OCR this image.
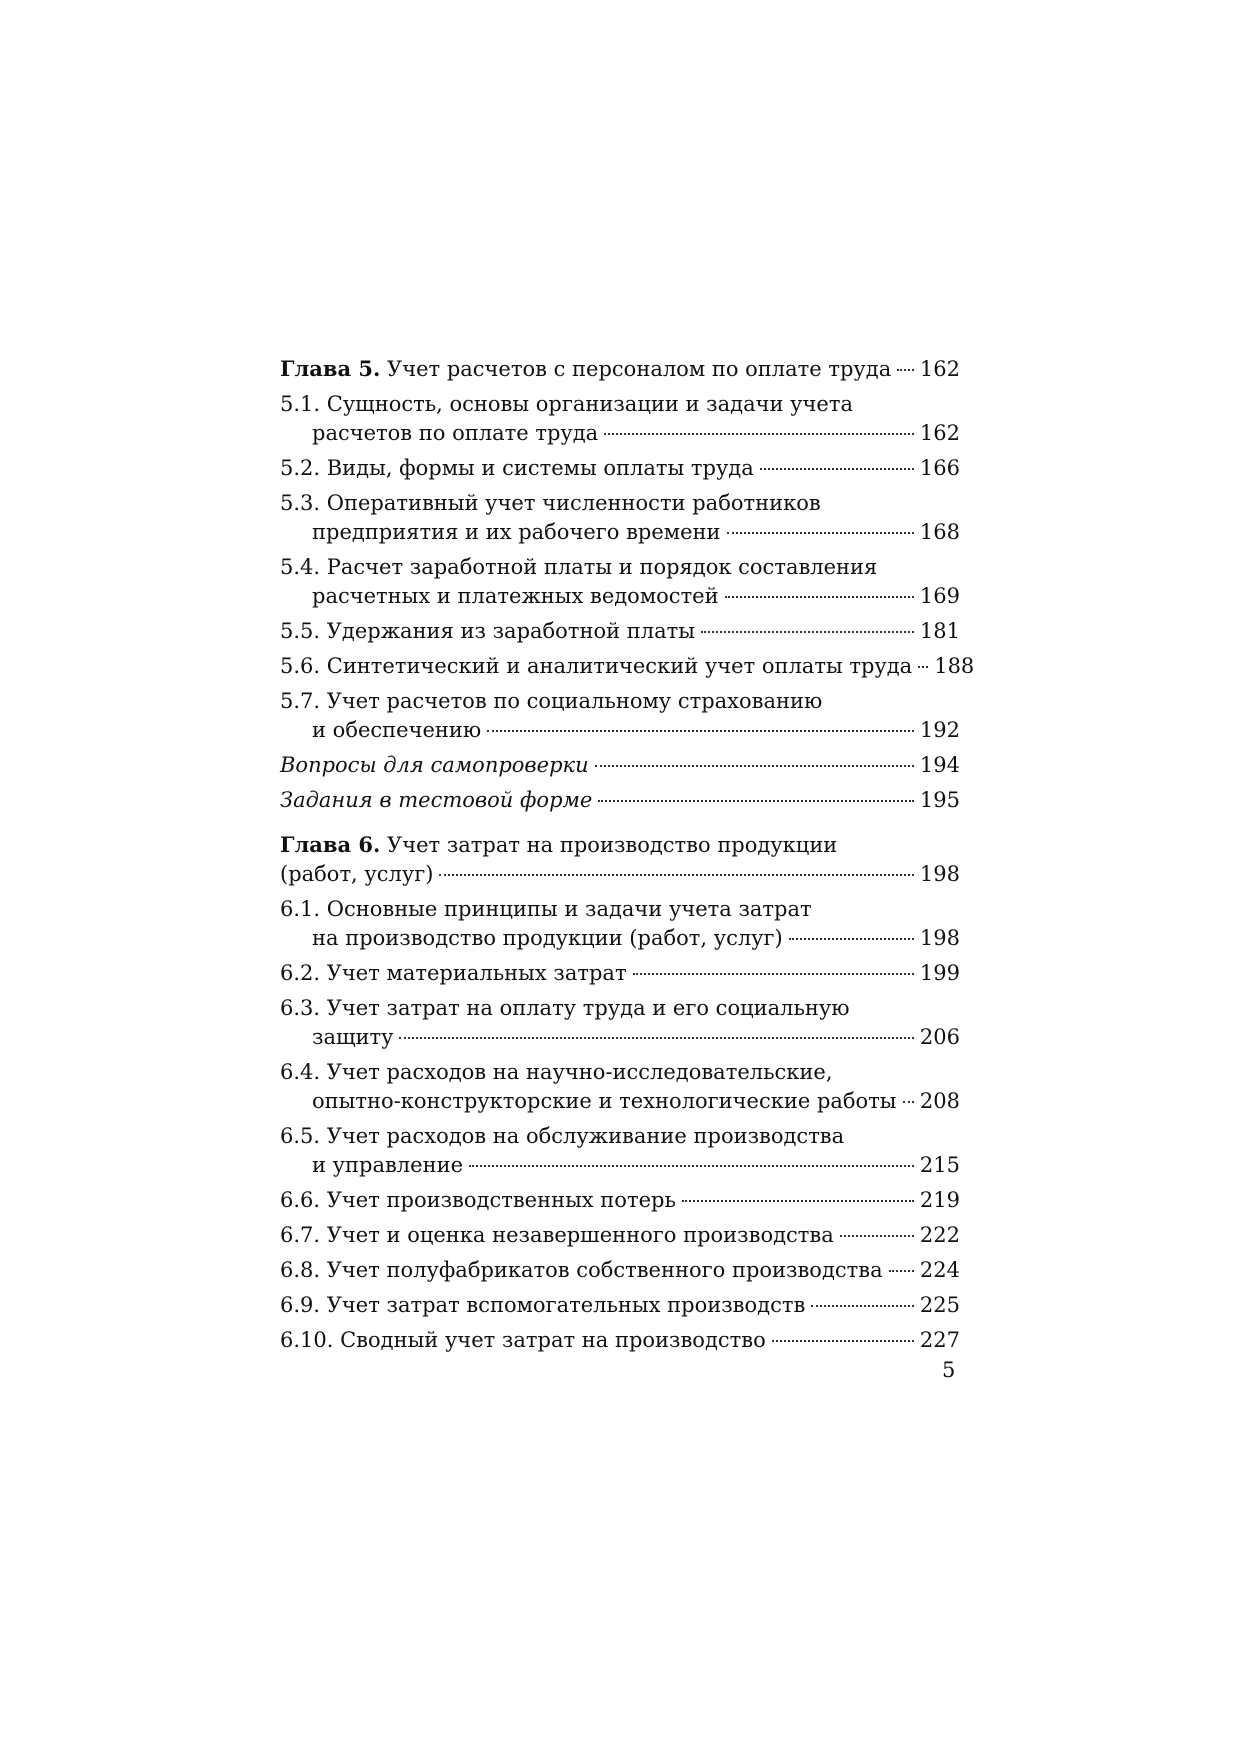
Глава 5. Учет расчетов с персоналом по оплате труда 162
5.1. Сущность, основы организации и задачи учета
расчетов по оплате труда	162
5.2. Виды, формы и системы оплаты труда	166
5.3. Оперативный учет численности работников
предприятия и их рабочего времени	168
5.4. Расчет заработной платы и порядок составления
расчетных и платежных ведомостей	169
5.5. Удержания из заработной платы	181
5.6. Синтетический и аналитический учет оплаты труда 188
5.7. Учет расчетов по социальному страхованию
и обеспечению	192
Вопросы для самопроверки	194
Задания в тестовой форме	195
Глава 6. Учет затрат на производство продукции
(работ, услуг)	198
6.1. Основные принципы и задачи учета затрат
на производство продукции (работ, услуг)	198
6.2. Учет материальных затрат	199
6.3. Учет затрат на оплату труда и его социальную
защиту	206
6.4. Учет расходов на научно-исследовательские,
опытно-конструкторские и технологические работы 208
6.5. Учет расходов на обслуживание производства
и управление	215
6.6. Учет производственных потерь	219
6.7. Учет и оценка незавершенного производства	222
6.8. Учет полуфабрикатов собственного производства 224
6.9. Учет затрат вспомогательных производств	225
6.10. Сводный учет затрат на производство	227
5
